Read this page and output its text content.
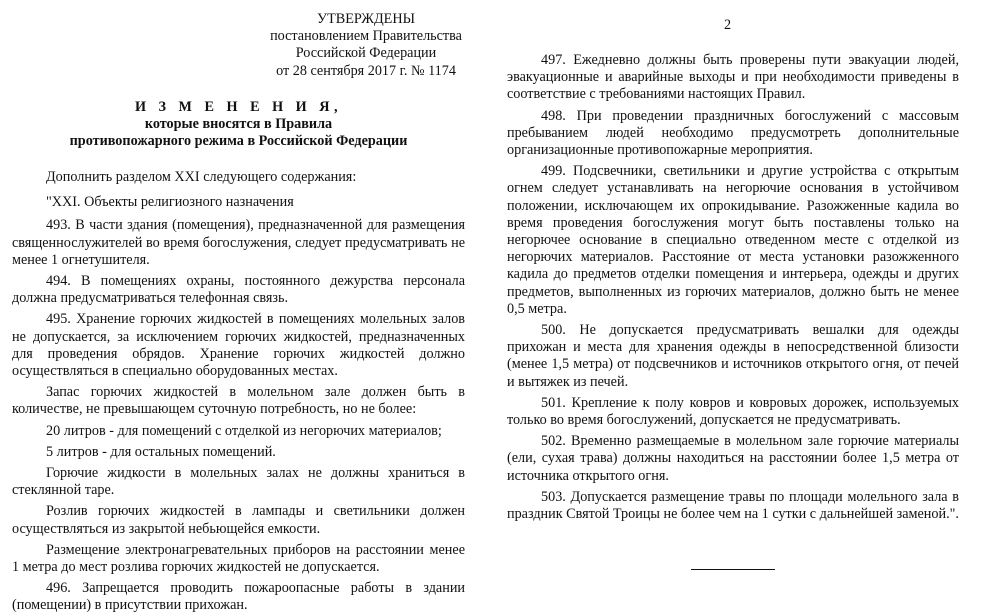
УТВЕРЖДЕНЫ
постановлением Правительства
Российской Федерации
от 28 сентября 2017 г. № 1174
2
И З М Е Н Е Н И Я,
которые вносятся в Правила
противопожарного режима в Российской Федерации

Дополнить разделом XXI следующего содержания:

"XXI. Объекты религиозного назначения

493. В части здания (помещения), предназначенной для размещения священнослужителей во время богослужения, следует предусматривать не менее 1 огнетушителя.

494. В помещениях охраны, постоянного дежурства персонала должна предусматриваться телефонная связь.

495. Хранение горючих жидкостей в помещениях молельных залов не допускается, за исключением горючих жидкостей, предназначенных для проведения обрядов. Хранение горючих жидкостей должно осуществляться в специально оборудованных местах.

Запас горючих жидкостей в молельном зале должен быть в количестве, не превышающем суточную потребность, но не более:

20 литров - для помещений с отделкой из негорючих материалов;

5 литров - для остальных помещений.

Горючие жидкости в молельных залах не должны храниться в стеклянной таре.

Розлив горючих жидкостей в лампады и светильники должен осуществляться из закрытой небьющейся емкости.

Размещение электронагревательных приборов на расстоянии менее 1 метра до мест розлива горючих жидкостей не допускается.

496. Запрещается проводить пожароопасные работы в здании (помещении) в присутствии прихожан.

497. Ежедневно должны быть проверены пути эвакуации людей, эвакуационные и аварийные выходы и при необходимости приведены в соответствие с требованиями настоящих Правил.

498. При проведении праздничных богослужений с массовым пребыванием людей необходимо предусмотреть дополнительные организационные противопожарные мероприятия.

499. Подсвечники, светильники и другие устройства с открытым огнем следует устанавливать на негорючие основания в устойчивом положении, исключающем их опрокидывание. Разожженные кадила во время проведения богослужения могут быть поставлены только на негорючее основание в специально отведенном месте с отделкой из негорючих материалов. Расстояние от места установки разожженного кадила до предметов отделки помещения и интерьера, одежды и других предметов, выполненных из горючих материалов, должно быть не менее 0,5 метра.

500. Не допускается предусматривать вешалки для одежды прихожан и места для хранения одежды в непосредственной близости (менее 1,5 метра) от подсвечников и источников открытого огня, от печей и вытяжек из печей.

501. Крепление к полу ковров и ковровых дорожек, используемых только во время богослужений, допускается не предусматривать.

502. Временно размещаемые в молельном зале горючие материалы (ели, сухая трава) должны находиться на расстоянии более 1,5 метра от источника открытого огня.

503. Допускается размещение травы по площади молельного зала в праздник Святой Троицы не более чем на 1 сутки с дальнейшей заменой.".
